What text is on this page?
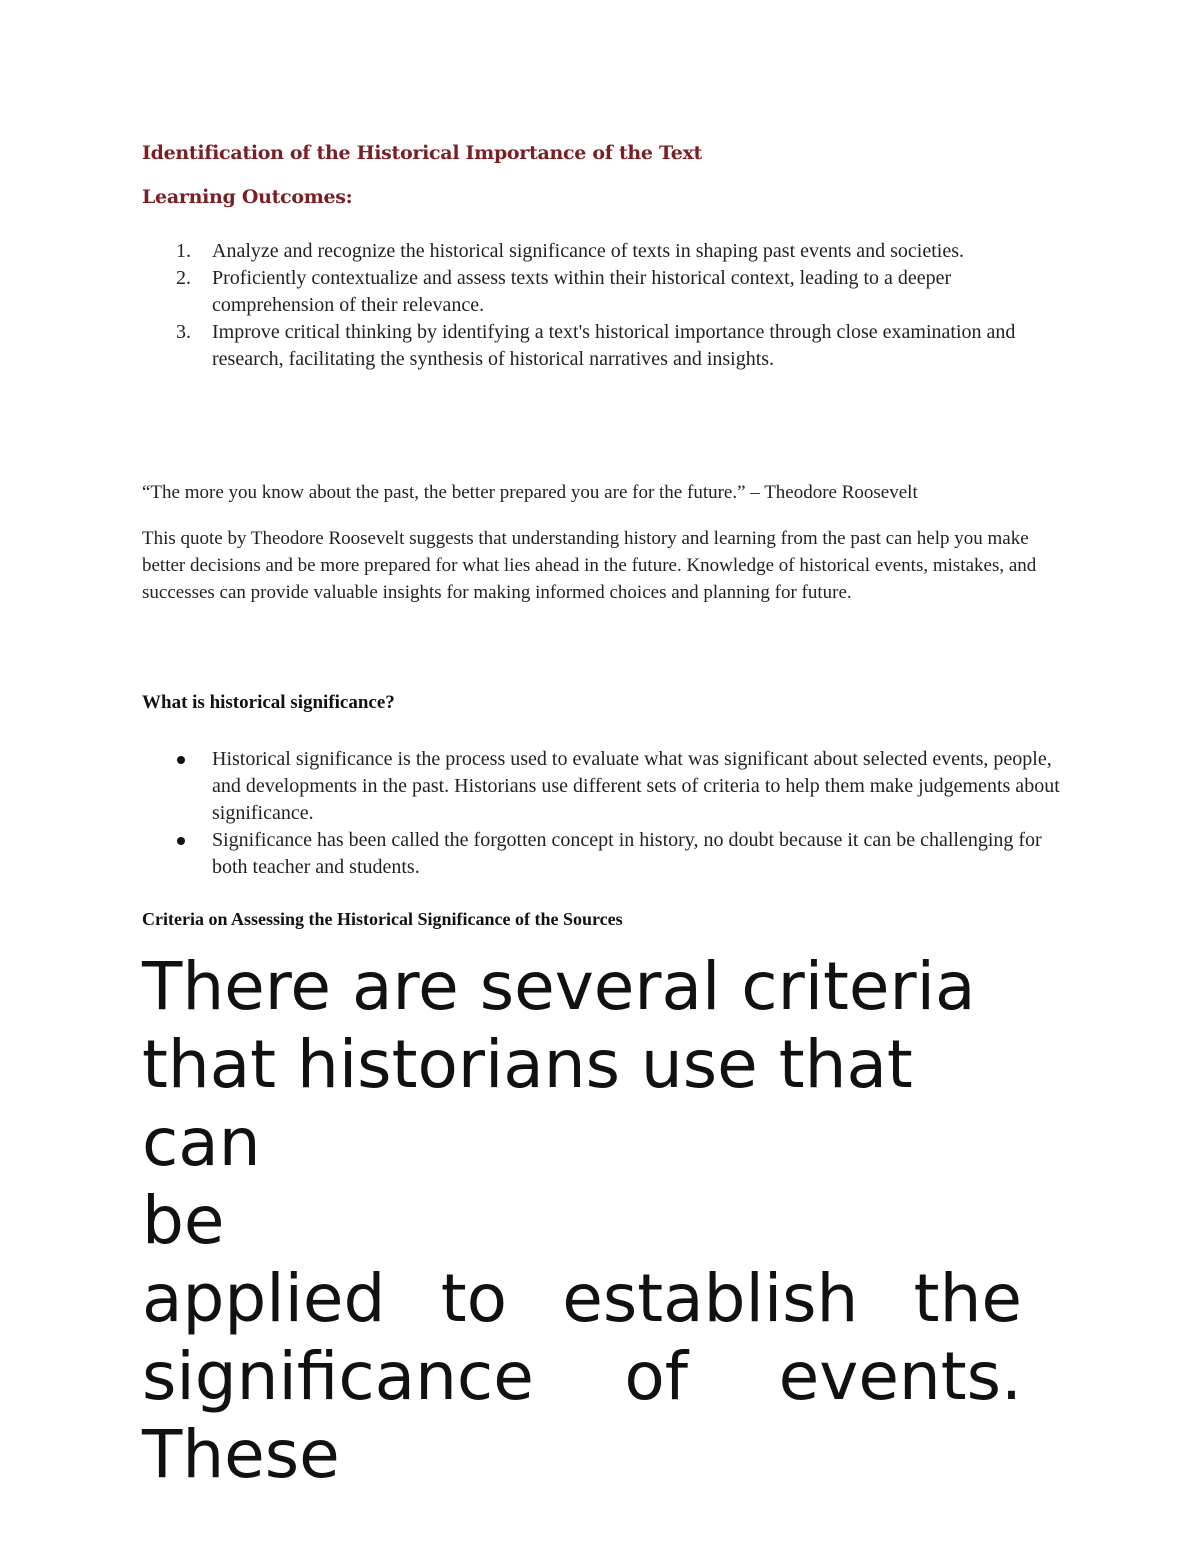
Identification of the Historical Importance of the Text
Learning Outcomes:
1. Analyze and recognize the historical significance of texts in shaping past events and societies.
2. Proficiently contextualize and assess texts within their historical context, leading to a deeper comprehension of their relevance.
3. Improve critical thinking by identifying a text's historical importance through close examination and research, facilitating the synthesis of historical narratives and insights.
“The more you know about the past, the better prepared you are for the future.” – Theodore Roosevelt

This quote by Theodore Roosevelt suggests that understanding history and learning from the past can help you make better decisions and be more prepared for what lies ahead in the future. Knowledge of historical events, mistakes, and successes can provide valuable insights for making informed choices and planning for future.

What is historical significance?
Historical significance is the process used to evaluate what was significant about selected events, people, and developments in the past. Historians use different sets of criteria to help them make judgements about significance.
Significance has been called the forgotten concept in history, no doubt because it can be challenging for both teacher and students.
Criteria on Assessing the Historical Significance of the Sources
There are several criteria
that historians use that can
be
applied to establish the
significance of events.
These
